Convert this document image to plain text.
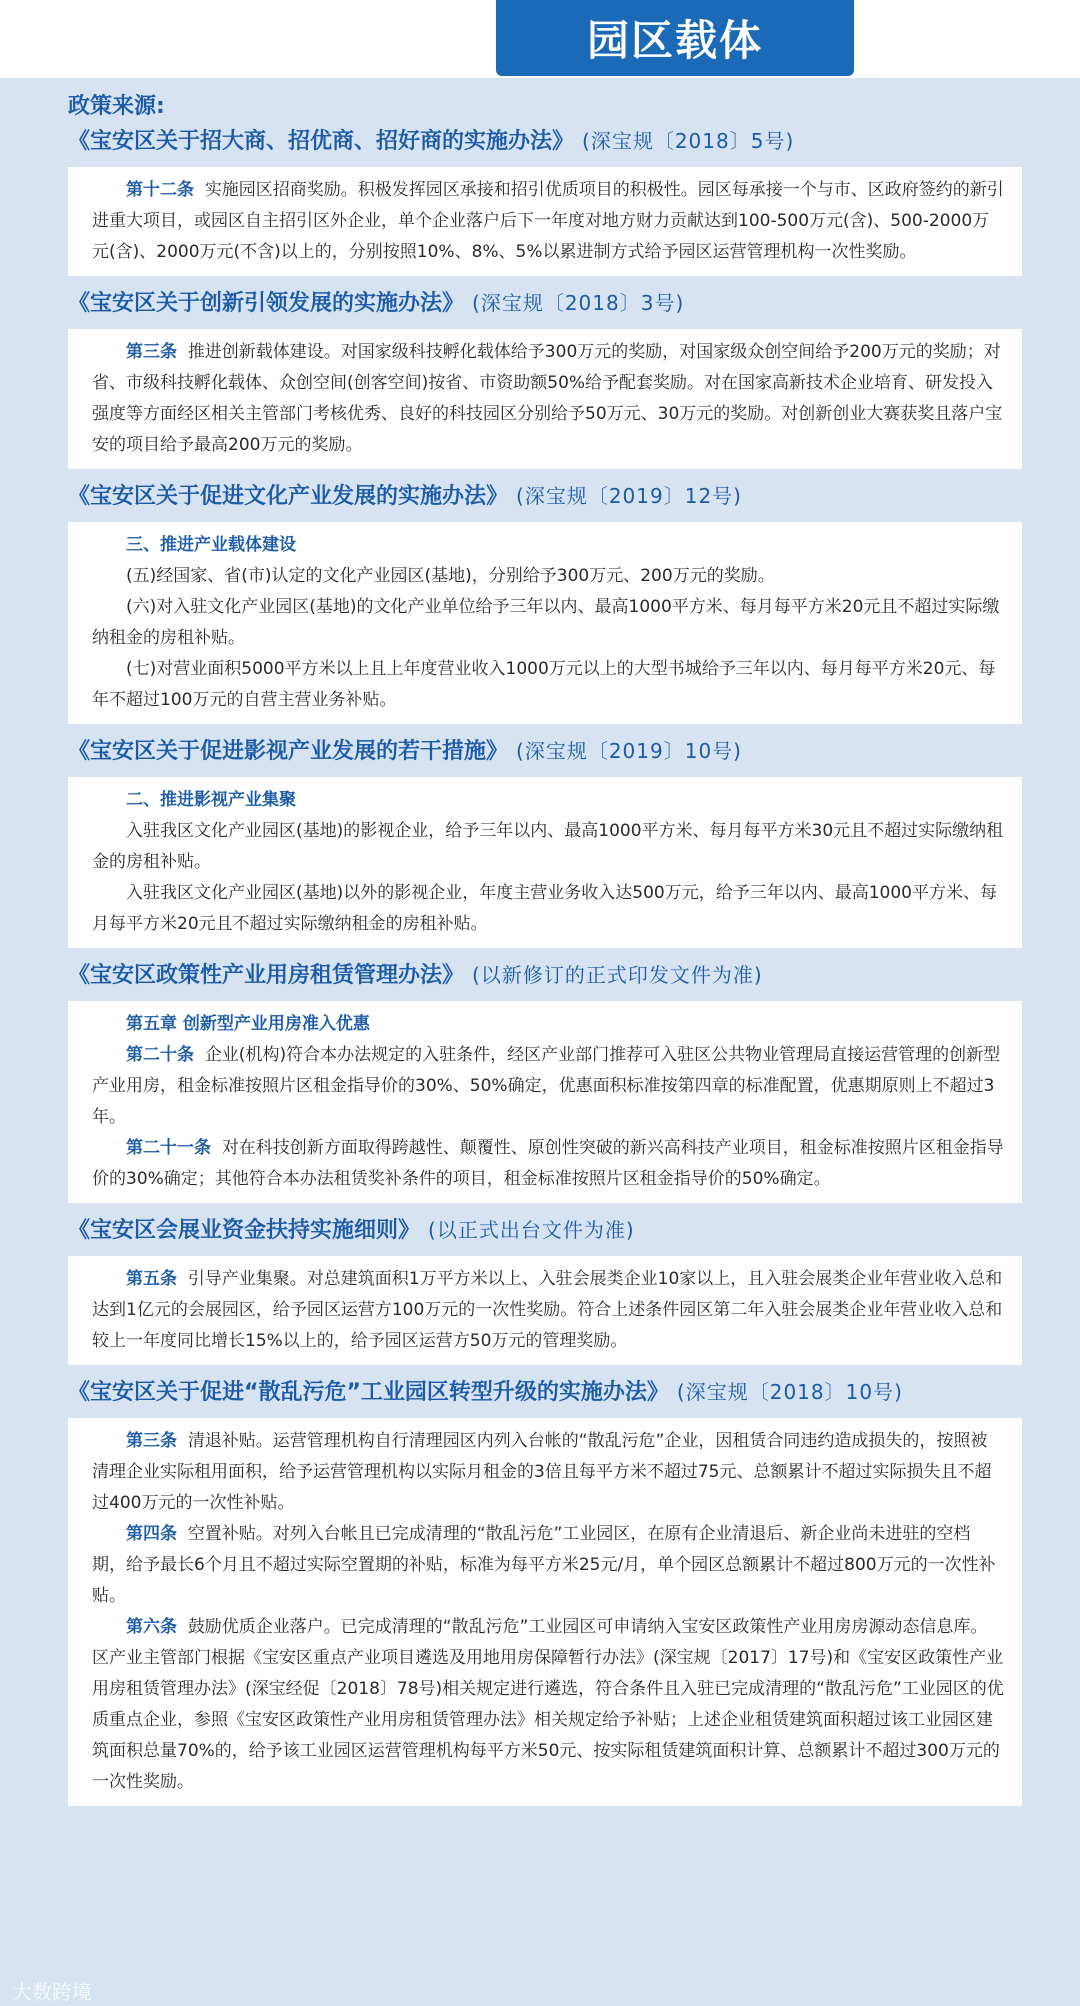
园区载体
政策来源:
《宝安区关于招大商、招优商、招好商的实施办法》 (深宝规〔2018〕5号)

第十二条 实施园区招商奖励。积极发挥园区承接和招引优质项目的积极性。园区每承接一个与市、区政府签约的新引进重大项目，或园区自主招引区外企业，单个企业落户后下一年度对地方财力贡献达到100-500万元(含)、500-2000万元(含)、2000万元(不含)以上的，分别按照10%、8%、5%以累进制方式给予园区运营管理机构一次性奖励。

《宝安区关于创新引领发展的实施办法》 (深宝规〔2018〕3号)

第三条 推进创新载体建设。对国家级科技孵化载体给予300万元的奖励，对国家级众创空间给予200万元的奖励；对省、市级科技孵化载体、众创空间(创客空间)按省、市资助额50%给予配套奖励。对在国家高新技术企业培育、研发投入强度等方面经区相关主管部门考核优秀、良好的科技园区分别给予50万元、30万元的奖励。对创新创业大赛获奖且落户宝安的项目给予最高200万元的奖励。

《宝安区关于促进文化产业发展的实施办法》 (深宝规〔2019〕12号)

三、推进产业载体建设

(五)经国家、省(市)认定的文化产业园区(基地)，分别给予300万元、200万元的奖励。

(六)对入驻文化产业园区(基地)的文化产业单位给予三年以内、最高1000平方米、每月每平方米20元且不超过实际缴纳租金的房租补贴。

(七)对营业面积5000平方米以上且上年度营业收入1000万元以上的大型书城给予三年以内、每月每平方米20元、每年不超过100万元的自营主营业务补贴。

《宝安区关于促进影视产业发展的若干措施》 (深宝规〔2019〕10号)

二、推进影视产业集聚

入驻我区文化产业园区(基地)的影视企业，给予三年以内、最高1000平方米、每月每平方米30元且不超过实际缴纳租金的房租补贴。

入驻我区文化产业园区(基地)以外的影视企业，年度主营业务收入达500万元，给予三年以内、最高1000平方米、每月每平方米20元且不超过实际缴纳租金的房租补贴。

《宝安区政策性产业用房租赁管理办法》 (以新修订的正式印发文件为准)

第五章 创新型产业用房准入优惠

第二十条 企业(机构)符合本办法规定的入驻条件，经区产业部门推荐可入驻区公共物业管理局直接运营管理的创新型产业用房，租金标准按照片区租金指导价的30%、50%确定，优惠面积标准按第四章的标准配置，优惠期原则上不超过3年。

第二十一条 对在科技创新方面取得跨越性、颠覆性、原创性突破的新兴高科技产业项目，租金标准按照片区租金指导价的30%确定；其他符合本办法租赁奖补条件的项目，租金标准按照片区租金指导价的50%确定。

《宝安区会展业资金扶持实施细则》 (以正式出台文件为准)

第五条 引导产业集聚。对总建筑面积1万平方米以上、入驻会展类企业10家以上，且入驻会展类企业年营业收入总和达到1亿元的会展园区，给予园区运营方100万元的一次性奖励。符合上述条件园区第二年入驻会展类企业年营业收入总和较上一年度同比增长15%以上的，给予园区运营方50万元的管理奖励。

《宝安区关于促进“散乱污危”工业园区转型升级的实施办法》 (深宝规〔2018〕10号)

第三条 清退补贴。运营管理机构自行清理园区内列入台帐的“散乱污危”企业，因租赁合同违约造成损失的，按照被清理企业实际租用面积，给予运营管理机构以实际月租金的3倍且每平方米不超过75元、总额累计不超过实际损失且不超过400万元的一次性补贴。

第四条 空置补贴。对列入台帐且已完成清理的“散乱污危”工业园区，在原有企业清退后、新企业尚未进驻的空档期，给予最长6个月且不超过实际空置期的补贴，标准为每平方米25元/月，单个园区总额累计不超过800万元的一次性补贴。

第六条 鼓励优质企业落户。已完成清理的“散乱污危”工业园区可申请纳入宝安区政策性产业用房房源动态信息库。区产业主管部门根据《宝安区重点产业项目遴选及用地用房保障暂行办法》(深宝规〔2017〕17号)和《宝安区政策性产业用房租赁管理办法》(深宝经促〔2018〕78号)相关规定进行遴选，符合条件且入驻已完成清理的“散乱污危”工业园区的优质重点企业，参照《宝安区政策性产业用房租赁管理办法》相关规定给予补贴；上述企业租赁建筑面积超过该工业园区建筑面积总量70%的，给予该工业园区运营管理机构每平方米50元、按实际租赁建筑面积计算、总额累计不超过300万元的一次性奖励。

大数跨境
